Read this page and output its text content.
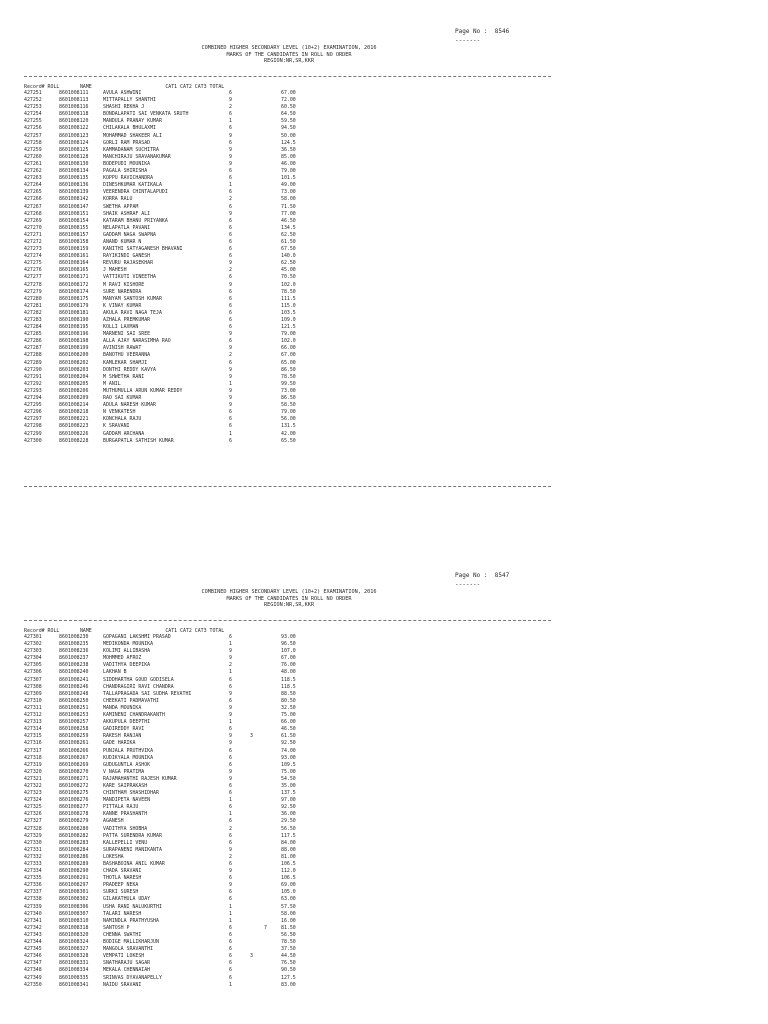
Page No :  8546
-------
COMBINED HIGHER SECONDARY LEVEL (10+2) EXAMINATION, 2016
MARKS OF THE CANDIDATES IN ROLL NO ORDER
REGION:NR,SR,KKR
Record# ROLL       NAME                         CAT1 CAT2 CAT3 TOTAL
427251	8601008111	AVULA ASHWINI	6			67.00
427252	8601008113	MITTAPALLY SHANTHI	9			72.00
427253	8601008116	SHASHI REKHA J	2			60.50
427254	8601008118	BONDALAPATI SAI VENKATA SRUTH	6			64.50
427255	8601008120	MANDULA PRANAY KUMAR	1			59.50
427256	8601008122	CHILAKALA BHULAXMI	6			94.50
427257	8601008123	MOHAMMAD SHAKEER ALI	9			50.00
427258	8601008124	GORLI RAM PRASAD	6			124.5
427259	8601008125	KAMMADANAM SUCHITRA	9			36.50
427260	8601008128	MANCHIRAJU SRAVANAKUMAR	9			85.00
427261	8601008130	BODEPUDI MOUNIKA	9			46.00
427262	8601008134	PAGALA SHIRISHA	6			79.00
427263	8601008135	KOPPU RAVICHANDRA	6			101.5
427264	8601008136	DINESHKUMAR KATIKALA	1			49.00
427265	8601008139	VEERENDRA CHINTALAPUDI	6			73.00
427266	8601008142	KORRA RALU	2			58.00
427267	8601008147	SWETHA APPAM	6			71.50
427268	8601008151	SHAIK ASHRAF ALI	9			77.00
427269	8601008154	KATARAM BHANU PRIYANKA	6			46.50
427270	8601008155	NELAPATLA PAVANI	6			134.5
427271	8601008157	GADDAM NAGA SWAPNA	6			62.50
427272	8601008158	ANAND KUMAR N	6			61.50
427273	8601008159	KANITHI SATYAGANESH BHAVANI	6			67.50
427274	8601008161	RAYIKINDI GANESH	6			140.0
427275	8601008164	REVURU RAJASEKHAR	9			62.50
427276	8601008165	J MAHESH	2			45.00
427277	8601008171	VATTIKUTI VINEETHA	6			70.50
427278	8601008172	M RAVI KISHORE	9			102.0
427279	8601008174	SURE NARENDRA	6			78.50
427280	8601008175	MANYAM SANTOSH KUMAR	6			111.5
427281	8601008179	K VINAY KUMAR	6			115.0
427282	8601008181	AKULA RAVI NAGA TEJA	6			103.5
427283	8601008190	AZHALA PREMKUMAR	6			109.0
427284	8601008195	KOLLI LAXMAN	6			121.5
427285	8601008196	MARNENI SAI SREE	9			79.00
427286	8601008198	ALLA AJAY NARASIMHA RAO	6			102.0
427287	8601008199	AVINISH RAWAT	9			66.00
427288	8601008200	BANOTHU VEERANNA	2			67.00
427289	8601008202	KAMLEKAR SHAMJI	6			65.00
427290	8601008203	DONTHI REDDY KAVYA	9			86.50
427291	8601008204	M SHWETHA RANI	9			78.50
427292	8601008205	M ANIL	1			99.50
427293	8601008206	MUTHUMULLA ARUN KUMAR REDDY	9			73.00
427294	8601008209	RAO SAI KUMAR	9			86.50
427295	8601008214	ADULA NARESH KUMAR	9			58.50
427296	8601008218	N VENKATESH	6			79.00
427297	8601008221	KONCHALA RAJU	6			56.00
427298	8601008223	K SRAVANI	6			131.5
427299	8601008226	GADDAM ARCHANA	1			42.00
427300	8601008228	BURGAPATLA SATHISH KUMAR	6			65.50
Page No :  8547
-------
COMBINED HIGHER SECONDARY LEVEL (10+2) EXAMINATION, 2016
MARKS OF THE CANDIDATES IN ROLL NO ORDER
REGION:NR,SR,KKR
Record# ROLL       NAME                         CAT1 CAT2 CAT3 TOTAL
427301	8601008230	GOPAGANI LAKSHMI PRASAD	6			93.00
427302	8601008235	MEDIKONDA MOUNIKA	1			96.50
427303	8601008236	KOLIMI ALLIBASHA	9			107.0
427304	8601008237	MOHMMED AFROZ	9			67.00
427305	8601008238	VADITHYA DEEPIKA	2			76.00
427306	8601008240	LAKHAN B	1			48.00
427307	8601008241	SIDDHARTHA GOUD GODISELA	6			118.5
427308	8601008246	CHANDRAGIRI RAVI CHANDRA	6			118.5
427309	8601008248	TALLAPRAGADA SAI SUDHA REVATHI	9			88.50
427310	8601008250	CHEEKATI PADMAVATHI	6			80.50
427311	8601008251	MANDA MOUNIKA	9			32.50
427312	8601008253	KAMINENI CHANDRAKANTH	9			75.00
427313	8601008257	AKKUPULA DEEPTHI	1			66.00
427314	8601008258	GADIREDDY RAVI	6			46.50
427315	8601008259	RAKESH RANJAN	9	3		61.50
427316	8601008261	GADE HARIKA	9			92.50
427317	8601008266	PUNJALA PRUTHVIKA	6			74.00
427318	8601008267	KUDIKYALA MOUNIKA	6			93.00
427319	8601008269	GUDUGUNTLA ASHOK	6			109.5
427320	8601008270	V NAGA PRATIMA	9			75.00
427321	8601008271	RAJAMAHANTHI RAJESH KUMAR	9			54.50
427322	8601008272	KARE SAIPRAKASH	6			35.00
427323	8601008275	CHINTHAM SHASHIDHAR	6			137.5
427324	8601008276	MANDIPETA NAVEEN	1			97.00
427325	8601008277	PITTALA RAJU	6			92.50
427326	8601008278	KANNE PRASHANTH	1			36.00
427327	8601008279	AGANESH	6			29.50
427328	8601008280	VADITHYA SHOBHA	2			56.50
427329	8601008282	PATTA SURENDRA KUMAR	6			117.5
427330	8601008283	KALLEPELLI VENU	6			84.00
427331	8601008284	SURAPANENI MANIKANTA	9			88.00
427332	8601008286	LOKESHA	2			81.00
427333	8601008289	BASHABOINA ANIL KUMAR	6			106.5
427334	8601008290	CHADA SRAVANI	9			112.0
427335	8601008291	THOTLA NARESH	6			106.5
427336	8601008297	PRADEEP NEKA	9			69.00
427337	8601008301	SURKI SURESH	6			105.0
427338	8601008302	GILAKATHULA UDAY	6			63.00
427339	8601008306	USHA RANI NALUKURTHI	1			57.50
427340	8601008307	TALARI NARESH	1			58.00
427341	8601008310	NAMINDLA PRATHYUSHA	1			16.00
427342	8601008318	SANTOSH P	6		7	81.50
427343	8601008320	CHENNA SWATHI	6			56.50
427344	8601008324	BODIGE MALLIKHARJUN	6			78.50
427345	8601008327	MANGOLA SRAVANTHI	6			37.50
427346	8601008328	VEMPATI LOKESH	6	3		44.50
427347	8601008331	SNATHARAJU SAGAR	6			76.50
427348	8601008334	MEKALA CHENNAIAH	6			90.50
427349	8601008335	SRINVAS DYAVANAPELLY	6			127.5
427350	8601008341	NAIDU SRAVANI	1			83.00
